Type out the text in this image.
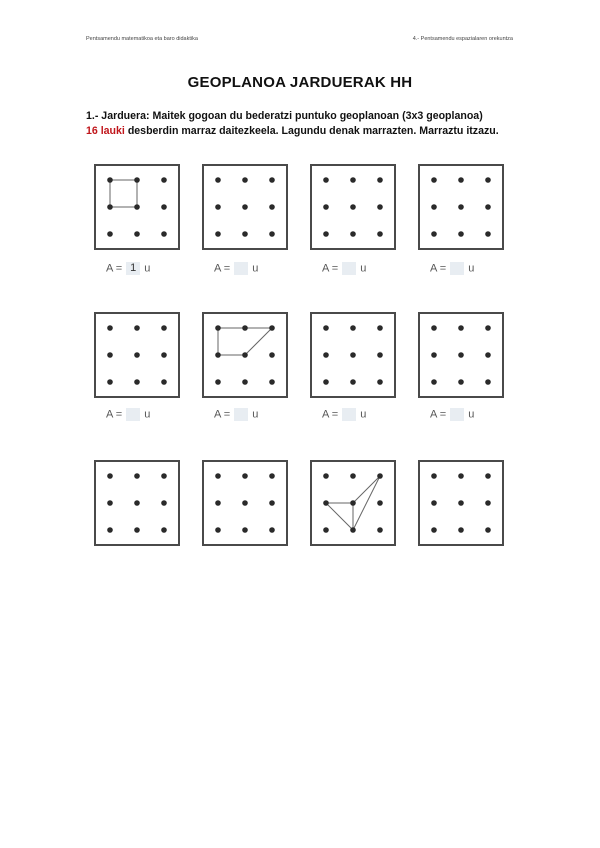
Pentsamendu matematikoa eta baro didaktika	4.- Pentsamendu espazialaren orekuntza
GEOPLANOA JARDUERAK HH
1.- Jarduera: Maitek gogoan du bederatzi puntuko geoplanoan (3x3 geoplanoa)
16 lauki desberdin marraz daitezkeela. Lagundu denak marrazten. Marraztu itzazu.
A = 1 u	A = u	A = u	A = u
A = u	A = u	A = u	A = u
